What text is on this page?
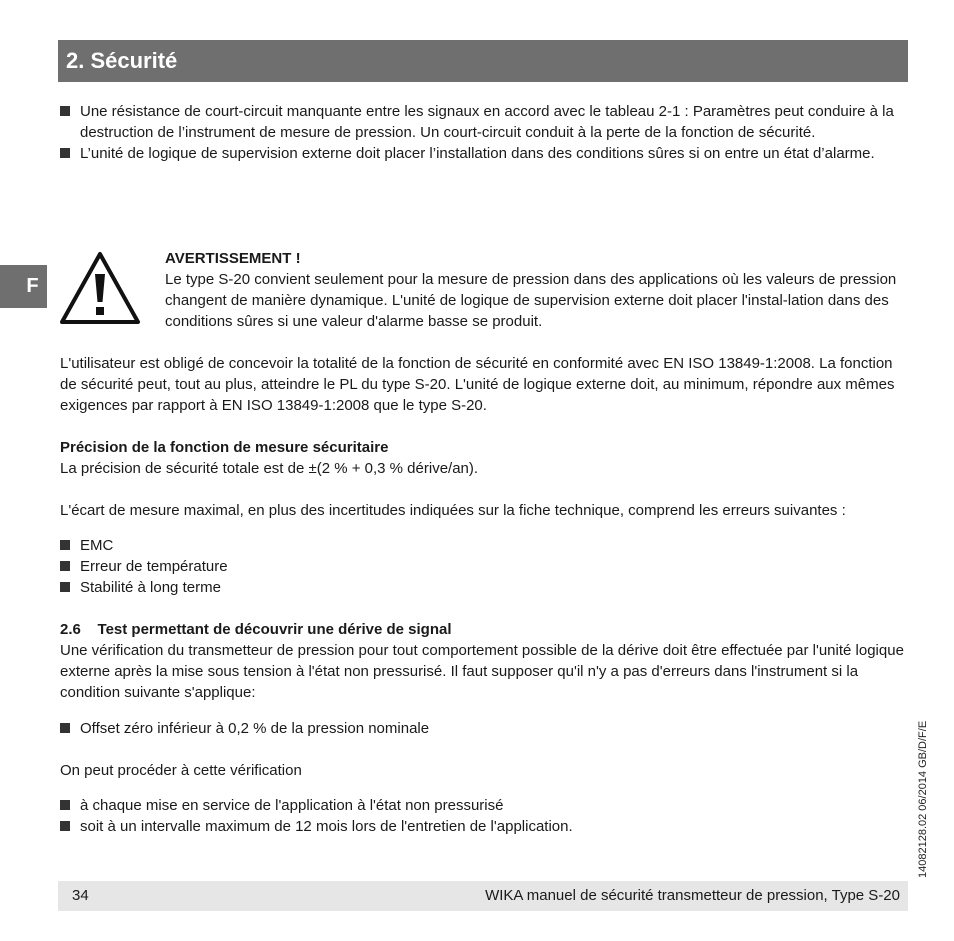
2. Sécurité
F
Une résistance de court-circuit manquante entre les signaux en accord avec le tableau 2-1 : Paramètres peut conduire à la destruction de l’instrument de mesure de pression. Un court-circuit conduit à la perte de la fonction de sécurité.
L’unité de logique de supervision externe doit placer l’installation dans des conditions sûres si on entre un état d’alarme.
AVERTISSEMENT !
Le type S-20 convient seulement pour la mesure de pression dans des applications où les valeurs de pression changent de manière dynamique. L'unité de logique de supervision externe doit placer l'instal-lation dans des conditions sûres si une valeur d'alarme basse se produit.
L'utilisateur est obligé de concevoir la totalité de la fonction de sécurité en conformité avec EN ISO 13849-1:2008. La fonction de sécurité peut, tout au plus, atteindre le PL du type S-20. L'unité de logique externe doit, au minimum, répondre aux mêmes exigences par rapport à EN ISO 13849-1:2008 que le type S-20.
Précision de la fonction de mesure sécuritaire
La précision de sécurité totale est de ±(2 % + 0,3 % dérive/an).
L'écart de mesure maximal, en plus des incertitudes indiquées sur la fiche technique, comprend les erreurs suivantes :
EMC
Erreur de température
Stabilité à long terme
2.6    Test permettant de découvrir une dérive de signal
Une vérification du transmetteur de pression pour tout comportement possible de la dérive doit être effectuée par l'unité logique externe après la mise sous tension à l'état non pressurisé. Il faut supposer qu'il n'y a pas d'erreurs dans l'instrument si la condition suivante s'applique:
Offset zéro inférieur à 0,2 % de la pression nominale
On peut procéder à cette vérification
à chaque mise en service de l'application à l'état non pressurisé
soit à un intervalle maximum de 12 mois lors de l'entretien de l'application.
34	WIKA manuel de sécurité transmetteur de pression, Type S-20
14082128.02 06/2014 GB/D/F/E
